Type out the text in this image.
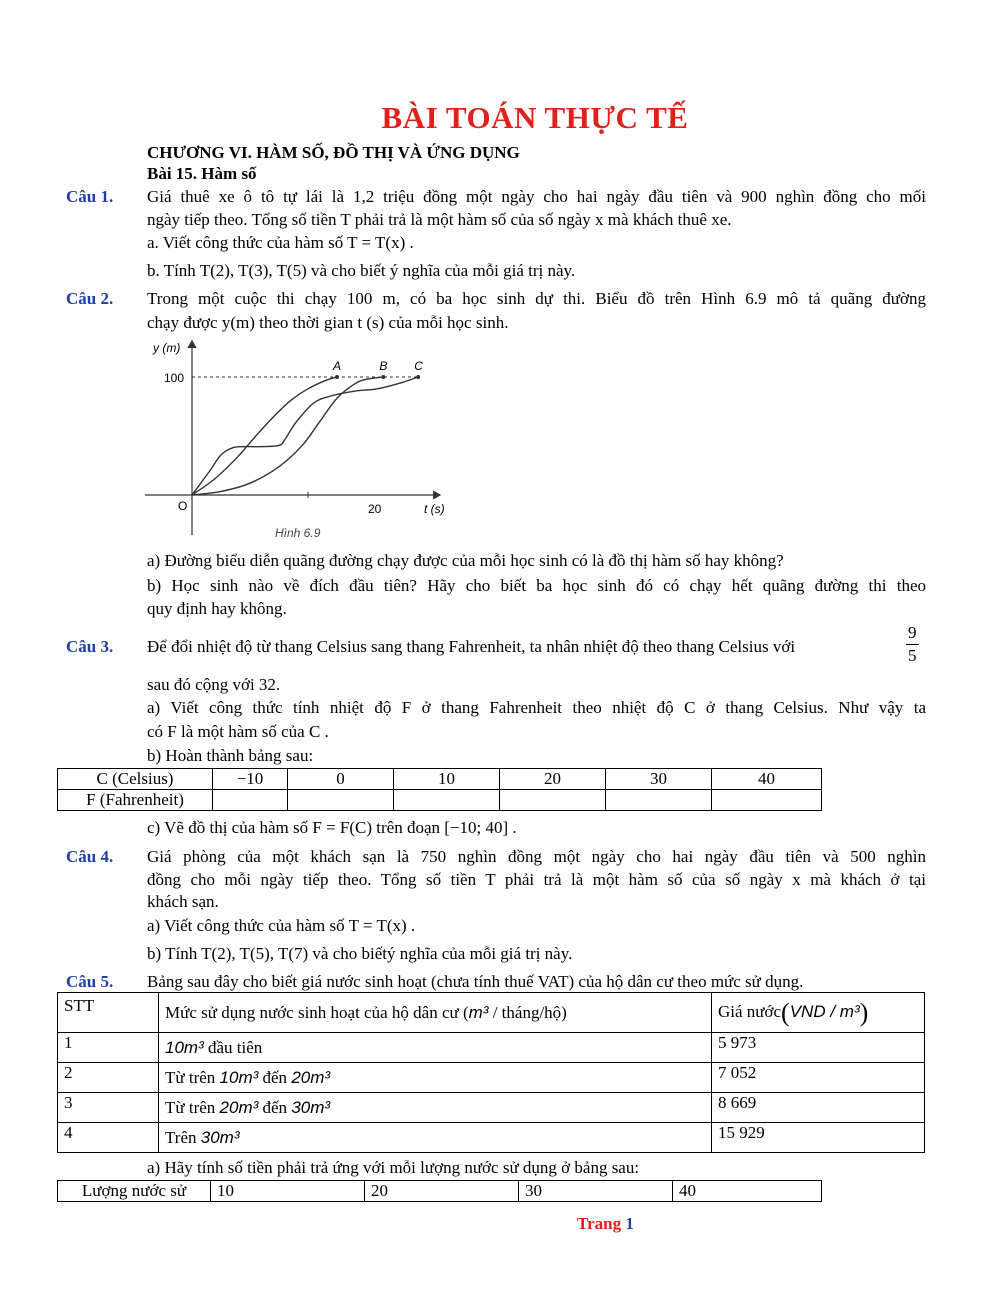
BÀI TOÁN THỰC TẾ
CHƯƠNG VI. HÀM SỐ, ĐỒ THỊ VÀ ỨNG DỤNG
Bài 15. Hàm số
Câu 1. Giá thuê xe ô tô tự lái là 1,2 triệu đồng một ngày cho hai ngày đầu tiên và 900 nghìn đồng cho mối
ngày tiếp theo. Tổng số tiền T phải trả là một hàm số của số ngày x mà khách thuê xe.
a. Viết công thức của hàm số T = T(x) .
b. Tính T(2), T(3), T(5) và cho biết ý nghĩa của mỗi giá trị này.
Câu 2. Trong một cuộc thi chạy 100 m, có ba học sinh dự thi. Biểu đồ trên Hình 6.9 mô tả quãng đường
chạy được y(m) theo thời gian t (s) của mỗi học sinh.
A	B C
y (m)
t (s)
O
100
20
Hình 6.9
a) Đường biểu diễn quãng đường chạy được của mỗi học sinh có là đồ thị hàm số hay không?
b) Học sinh nào về đích đầu tiên? Hãy cho biết ba học sinh đó có chạy hết quãng đường thi theo
quy định hay không.
Câu 3. Để đổi nhiệt độ từ thang Celsius sang thang Fahrenheit, ta nhân nhiệt độ theo thang Celsius với	$\frac{9}{5}$
sau đó cộng với 32.
a) Viết công thức tính nhiệt độ F ở thang Fahrenheit theo nhiệt độ C ở thang Celsius. Như vậy ta
có F là một hàm số của C .
b) Hoàn thành bảng sau:
C (Celsius)	−10	0	10	20	30	40
F (Fahrenheit)						
c) Vẽ đồ thị của hàm số F = F(C) trên đoạn [−10; 40] .
Câu 4. Giá phòng của một khách sạn là 750 nghìn đồng một ngày cho hai ngày đầu tiên và 500 nghìn
đồng cho mỗi ngày tiếp theo. Tổng số tiền T phải trả là một hàm số của số ngày x mà khách ở tại
khách sạn.
a) Viết công thức của hàm số T = T(x) .
b) Tính T(2), T(5), T(7) và cho biếtý nghĩa của mỗi giá trị này.
Câu 5. Bảng sau đây cho biết giá nước sinh hoạt (chưa tính thuế VAT) của hộ dân cư theo mức sử dụng.
STT	Mức sử dụng nước sinh hoạt của hộ dân cư (m³ / tháng/hộ)	Giá nước(VND / m³)
1	10m³ đầu tiên	5 973
2	Từ trên 10m³ đến 20m³	7 052
3	Từ trên 20m³ đến 30m³	8 669
4	Trên 30m³	15 929
a) Hãy tính số tiền phải trả ứng với mỗi lượng nước sử dụng ở bảng sau:
Lượng nước sử	10	20	30	40
Trang 1
